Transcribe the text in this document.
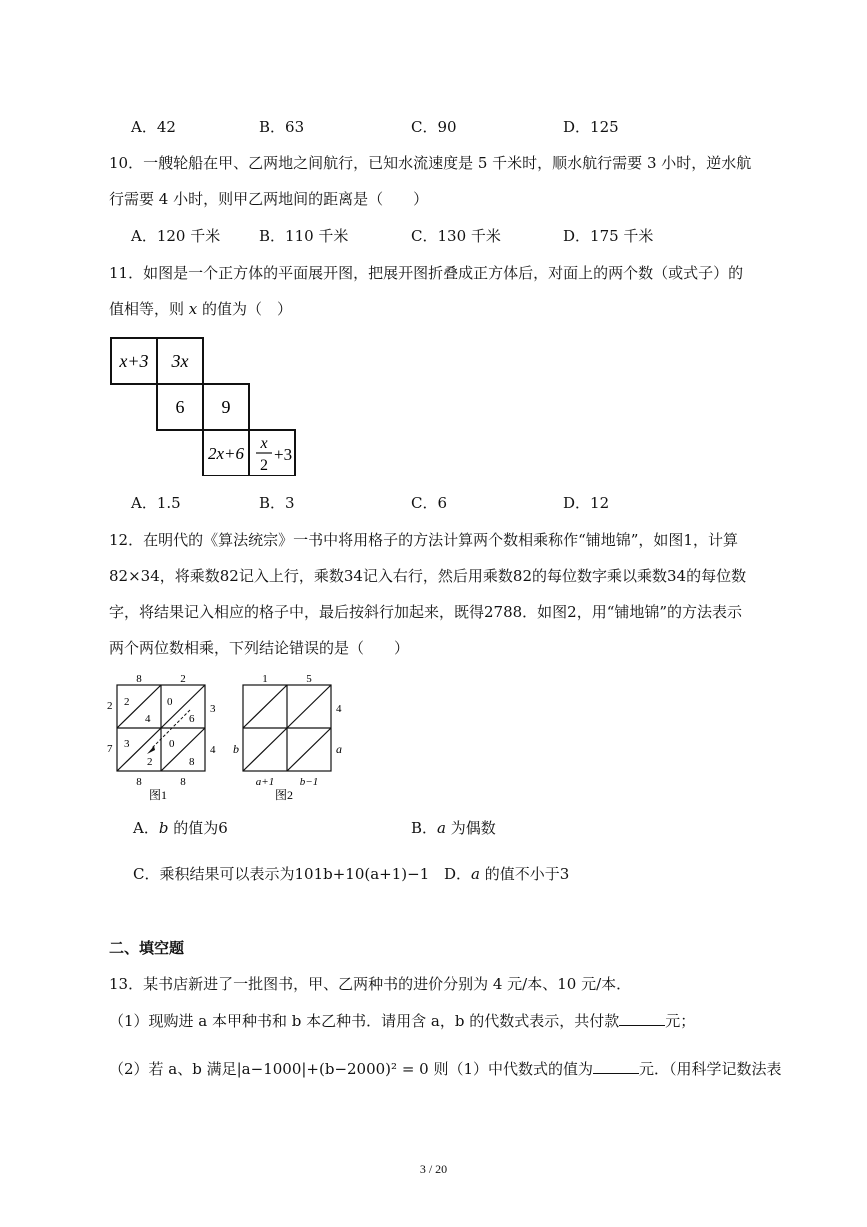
A．42	B．63	C．90	D．125
10．一艘轮船在甲、乙两地之间航行，已知水流速度是 5 千米时，顺水航行需要 3 小时，逆水航
行需要 4 小时，则甲乙两地间的距离是（　　）
A．120 千米	B．110 千米	C．130 千米	D．175 千米
11．如图是一个正方体的平面展开图，把展开图折叠成正方体后，对面上的两个数（或式子）的
值相等，则 x 的值为（　）
x+3 3x
6 9
2x+6
x
2
+3
A．1.5	B．3	C．6	D．12
12．在明代的《算法统宗》一书中将用格子的方法计算两个数相乘称作“铺地锦”，如图1，计算
82×34，将乘数82记入上行，乘数34记入右行，然后用乘数82的每位数字乘以乘数34的每位数
字，将结果记入相应的格子中，最后按斜行加起来，既得2788．如图2，用“铺地锦”的方法表示
两个两位数相乘，下列结论错误的是（　　）
8	2
3
4
2
7
8	8
2
4
0
6
3
2
0
8
图1
1	5
4
a
b
a+1 b−1
图2
A．b 的值为6	B．a 为偶数
C．乘积结果可以表示为101b+10(a+1)−1 D．a 的值不小于3
二、填空题
13．某书店新进了一批图书，甲、乙两种书的进价分别为 4 元/本、10 元/本．
（1）现购进 a 本甲种书和 b 本乙种书．请用含 a，b 的代数式表示，共付款	元；
（2）若 a、b 满足|a−1000|+(b−2000)² = 0 则（1）中代数式的值为	元．（用科学记数法表
3 / 20
